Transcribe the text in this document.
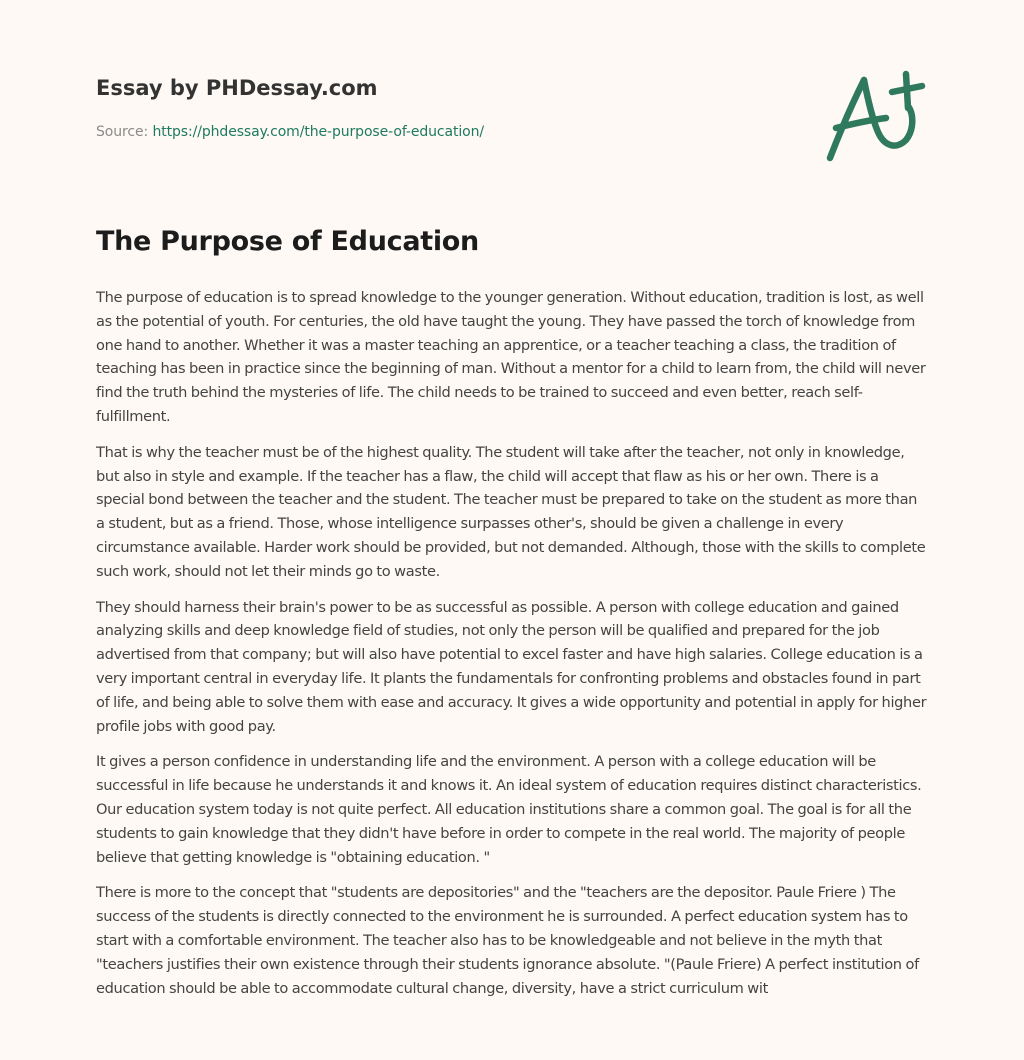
Essay by PHDessay.com
Source: https://phdessay.com/the-purpose-of-education/
The Purpose of Education

The purpose of education is to spread knowledge to the younger generation. Without education, tradition is lost, as well as the potential of youth. For centuries, the old have taught the young. They have passed the torch of knowledge from one hand to another. Whether it was a master teaching an apprentice, or a teacher teaching a class, the tradition of teaching has been in practice since the beginning of man. Without a mentor for a child to learn from, the child will never find the truth behind the mysteries of life. The child needs to be trained to succeed and even better, reach self-fulfillment.

That is why the teacher must be of the highest quality. The student will take after the teacher, not only in knowledge, but also in style and example. If the teacher has a flaw, the child will accept that flaw as his or her own. There is a special bond between the teacher and the student. The teacher must be prepared to take on the student as more than a student, but as a friend. Those, whose intelligence surpasses other's, should be given a challenge in every circumstance available. Harder work should be provided, but not demanded. Although, those with the skills to complete such work, should not let their minds go to waste.

They should harness their brain's power to be as successful as possible. A person with college education and gained analyzing skills and deep knowledge field of studies, not only the person will be qualified and prepared for the job advertised from that company; but will also have potential to excel faster and have high salaries. College education is a very important central in everyday life. It plants the fundamentals for confronting problems and obstacles found in part of life, and being able to solve them with ease and accuracy. It gives a wide opportunity and potential in apply for higher profile jobs with good pay.

It gives a person confidence in understanding life and the environment. A person with a college education will be successful in life because he understands it and knows it. An ideal system of education requires distinct characteristics. Our education system today is not quite perfect. All education institutions share a common goal. The goal is for all the students to gain knowledge that they didn't have before in order to compete in the real world. The majority of people believe that getting knowledge is "obtaining education. "

There is more to the concept that "students are depositories" and the "teachers are the depositor. Paule Friere ) The success of the students is directly connected to the environment he is surrounded. A perfect education system has to start with a comfortable environment. The teacher also has to be knowledgeable and not believe in the myth that "teachers justifies their own existence through their students ignorance absolute. "(Paule Friere) A perfect institution of education should be able to accommodate cultural change, diversity, have a strict curriculum wit
